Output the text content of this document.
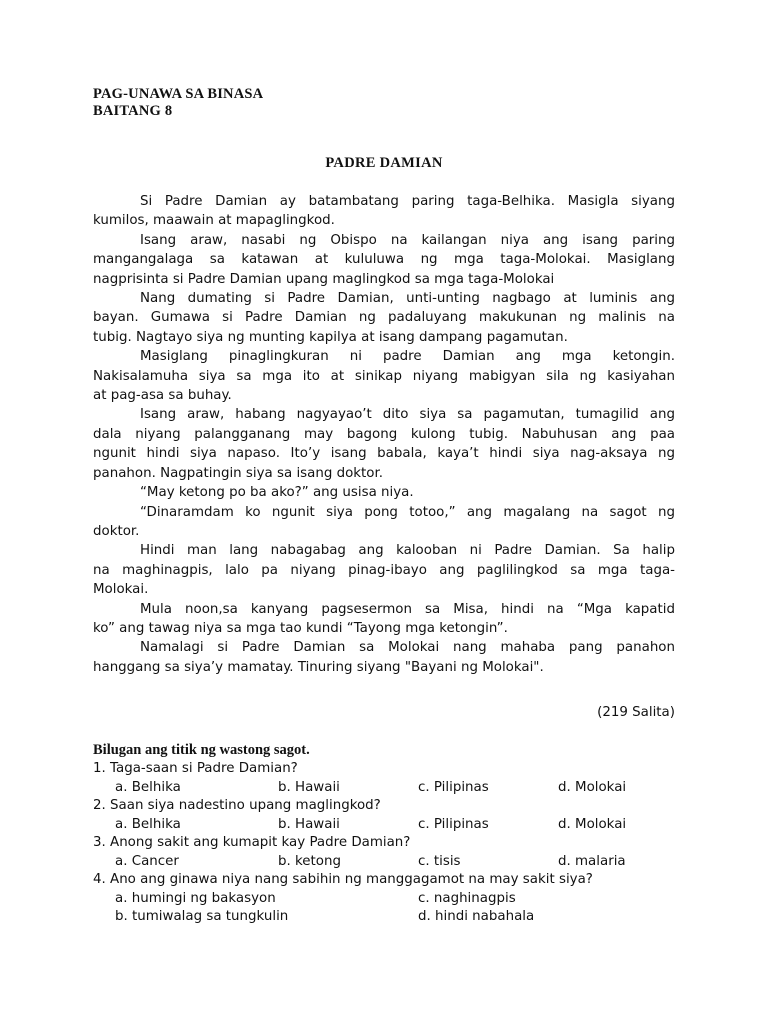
PAG-UNAWA SA BINASA
BAITANG 8
PADRE DAMIAN

Si Padre Damian ay batambatang paring taga-Belhika. Masigla siyang
kumilos, maawain at mapaglingkod.

Isang araw, nasabi ng Obispo na kailangan niya ang isang paring
mangangalaga sa katawan at kululuwa ng mga taga-Molokai. Masiglang
nagprisinta si Padre Damian upang maglingkod sa mga taga-Molokai

Nang dumating si Padre Damian, unti-unting nagbago at luminis ang
bayan. Gumawa si Padre Damian ng padaluyang makukunan ng malinis na
tubig. Nagtayo siya ng munting kapilya at isang dampang pagamutan.

Masiglang pinaglingkuran ni padre Damian ang mga ketongin.
Nakisalamuha siya sa mga ito at sinikap niyang mabigyan sila ng kasiyahan
at pag-asa sa buhay.

Isang araw, habang nagyayao’t dito siya sa pagamutan, tumagilid ang
dala niyang palangganang may bagong kulong tubig. Nabuhusan ang paa
ngunit hindi siya napaso. Ito’y isang babala, kaya’t hindi siya nag-aksaya ng
panahon. Nagpatingin siya sa isang doktor.

“May ketong po ba ako?” ang usisa niya.

“Dinaramdam ko ngunit siya pong totoo,” ang magalang na sagot ng
doktor.

Hindi man lang nabagabag ang kalooban ni Padre Damian. Sa halip
na maghinagpis, lalo pa niyang pinag-ibayo ang paglilingkod sa mga taga-
Molokai.

Mula noon,sa kanyang pagsesermon sa Misa, hindi na “Mga kapatid
ko” ang tawag niya sa mga tao kundi “Tayong mga ketongin”.

Namalagi si Padre Damian sa Molokai nang mahaba pang panahon
hanggang sa siya’y mamatay. Tinuring siyang "Bayani ng Molokai".

(219 Salita)
Bilugan ang titik ng wastong sagot.
1. Taga-saan si Padre Damian?
a. Belhika	b. Hawaii	c. Pilipinas	d. Molokai
2. Saan siya nadestino upang maglingkod?
a. Belhika	b. Hawaii	c. Pilipinas	d. Molokai
3. Anong sakit ang kumapit kay Padre Damian?
a. Cancer	b. ketong	c. tisis	d. malaria
4. Ano ang ginawa niya nang sabihin ng manggagamot na may sakit siya?
a. humingi ng bakasyon	c. naghinagpis
b. tumiwalag sa tungkulin	d. hindi nabahala
